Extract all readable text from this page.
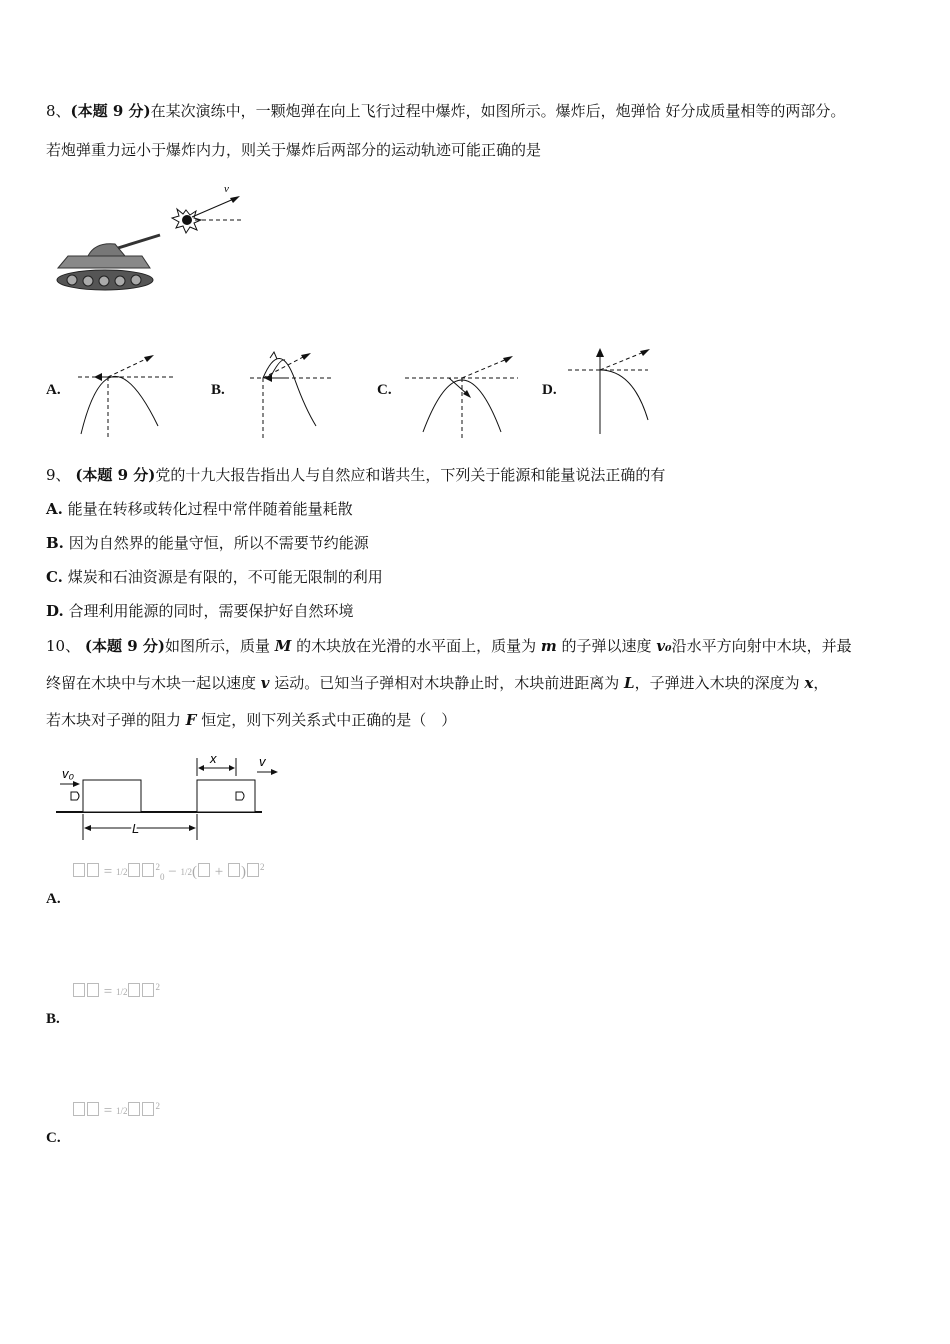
8、(本题 9 分)在某次演练中，一颗炮弹在向上飞行过程中爆炸，如图所示。爆炸后，炮弹恰 好分成质量相等的两部分。
若炮弹重力远小于爆炸内力，则关于爆炸后两部分的运动轨迹可能正确的是
v
A.	B.	C.	D.
9、 (本题 9 分)党的十九大报告指出人与自然应和谐共生，下列关于能源和能量说法正确的有
A. 能量在转移或转化过程中常伴随着能量耗散
B. 因为自然界的能量守恒，所以不需要节约能源
C. 煤炭和石油资源是有限的，不可能无限制的利用
D. 合理利用能源的同时，需要保护好自然环境
10、 (本题 9 分)如图所示，质量 M 的木块放在光滑的水平面上，质量为 m 的子弹以速度 v₀沿水平方向射中木块，并最
终留在木块中与木块一起以速度 v 运动。已知当子弹相对木块静止时，木块前进距离为 L，子弹进入木块的深度为 x，
若木块对子弹的阻力 F 恒定，则下列关系式中正确的是（　）
v₀
x	v
L
= $1/2^2_0 - 1/2$( + ) $^2$
A.
= $1/2^2$
B.
= $1/2^2$
C.
